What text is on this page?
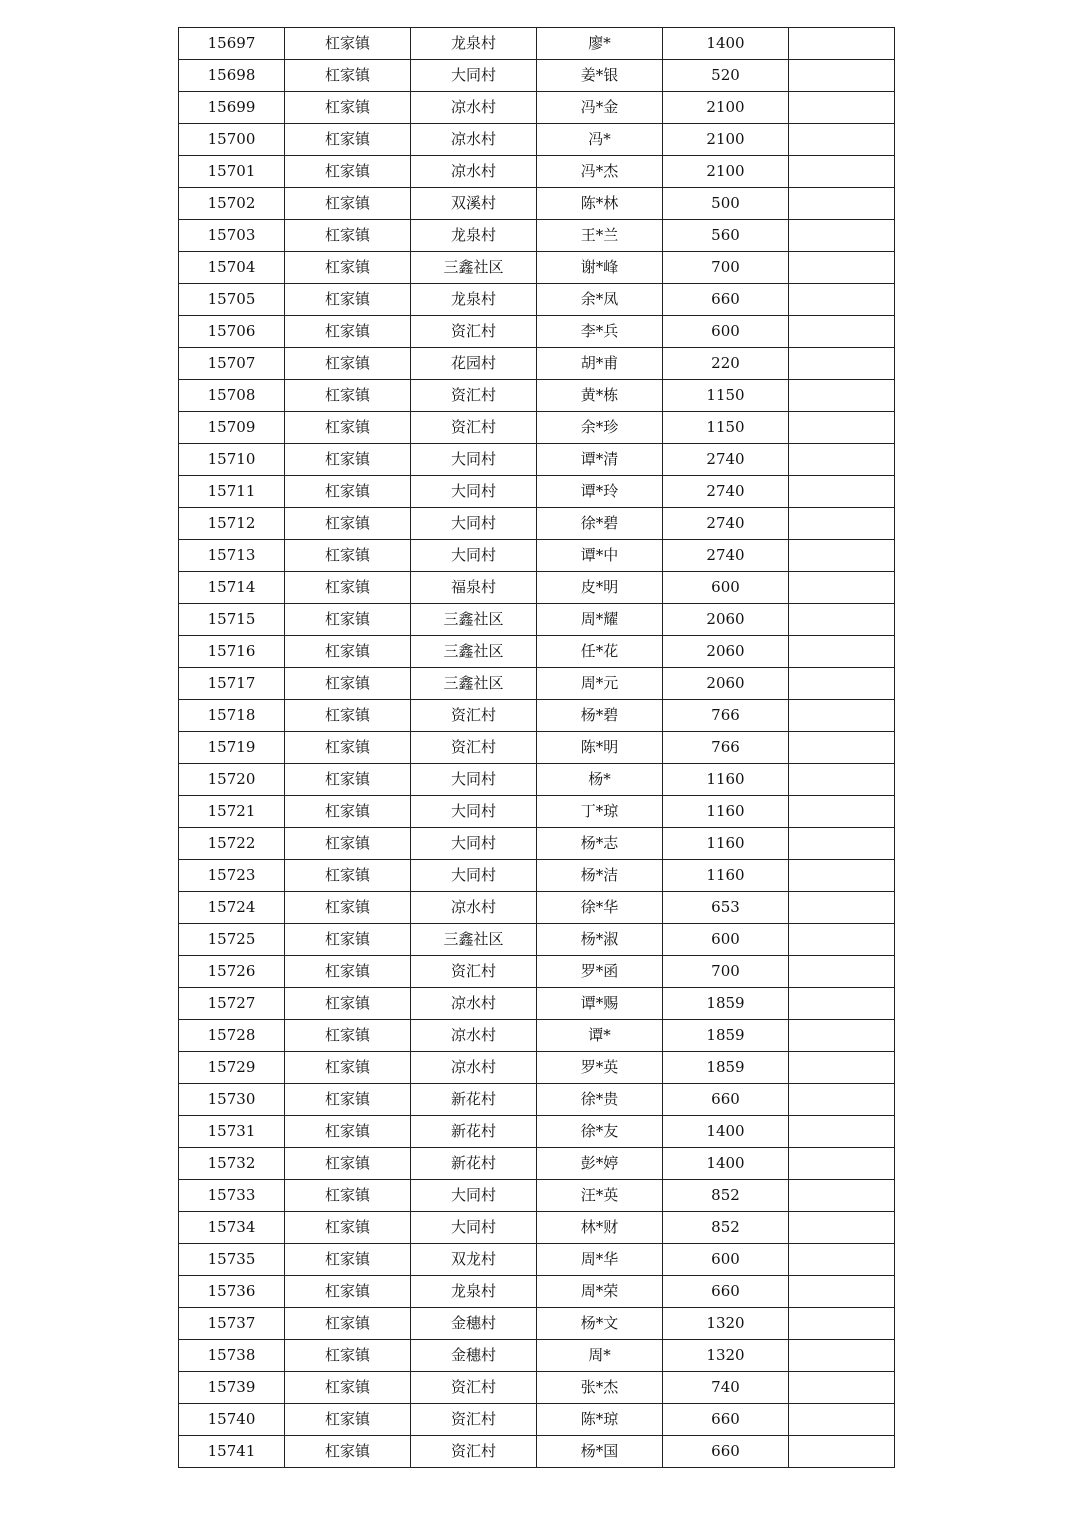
15697	杠家镇	龙泉村	廖*	1400	
15698	杠家镇	大同村	姜*银	520	
15699	杠家镇	凉水村	冯*金	2100	
15700	杠家镇	凉水村	冯*	2100	
15701	杠家镇	凉水村	冯*杰	2100	
15702	杠家镇	双溪村	陈*林	500	
15703	杠家镇	龙泉村	王*兰	560	
15704	杠家镇	三鑫社区	谢*峰	700	
15705	杠家镇	龙泉村	余*凤	660	
15706	杠家镇	资汇村	李*兵	600	
15707	杠家镇	花园村	胡*甫	220	
15708	杠家镇	资汇村	黄*栋	1150	
15709	杠家镇	资汇村	余*珍	1150	
15710	杠家镇	大同村	谭*清	2740	
15711	杠家镇	大同村	谭*玲	2740	
15712	杠家镇	大同村	徐*碧	2740	
15713	杠家镇	大同村	谭*中	2740	
15714	杠家镇	福泉村	皮*明	600	
15715	杠家镇	三鑫社区	周*耀	2060	
15716	杠家镇	三鑫社区	任*花	2060	
15717	杠家镇	三鑫社区	周*元	2060	
15718	杠家镇	资汇村	杨*碧	766	
15719	杠家镇	资汇村	陈*明	766	
15720	杠家镇	大同村	杨*	1160	
15721	杠家镇	大同村	丁*琼	1160	
15722	杠家镇	大同村	杨*志	1160	
15723	杠家镇	大同村	杨*洁	1160	
15724	杠家镇	凉水村	徐*华	653	
15725	杠家镇	三鑫社区	杨*淑	600	
15726	杠家镇	资汇村	罗*函	700	
15727	杠家镇	凉水村	谭*赐	1859	
15728	杠家镇	凉水村	谭*	1859	
15729	杠家镇	凉水村	罗*英	1859	
15730	杠家镇	新花村	徐*贵	660	
15731	杠家镇	新花村	徐*友	1400	
15732	杠家镇	新花村	彭*婷	1400	
15733	杠家镇	大同村	汪*英	852	
15734	杠家镇	大同村	林*财	852	
15735	杠家镇	双龙村	周*华	600	
15736	杠家镇	龙泉村	周*荣	660	
15737	杠家镇	金穗村	杨*文	1320	
15738	杠家镇	金穗村	周*	1320	
15739	杠家镇	资汇村	张*杰	740	
15740	杠家镇	资汇村	陈*琼	660	
15741	杠家镇	资汇村	杨*国	660	
